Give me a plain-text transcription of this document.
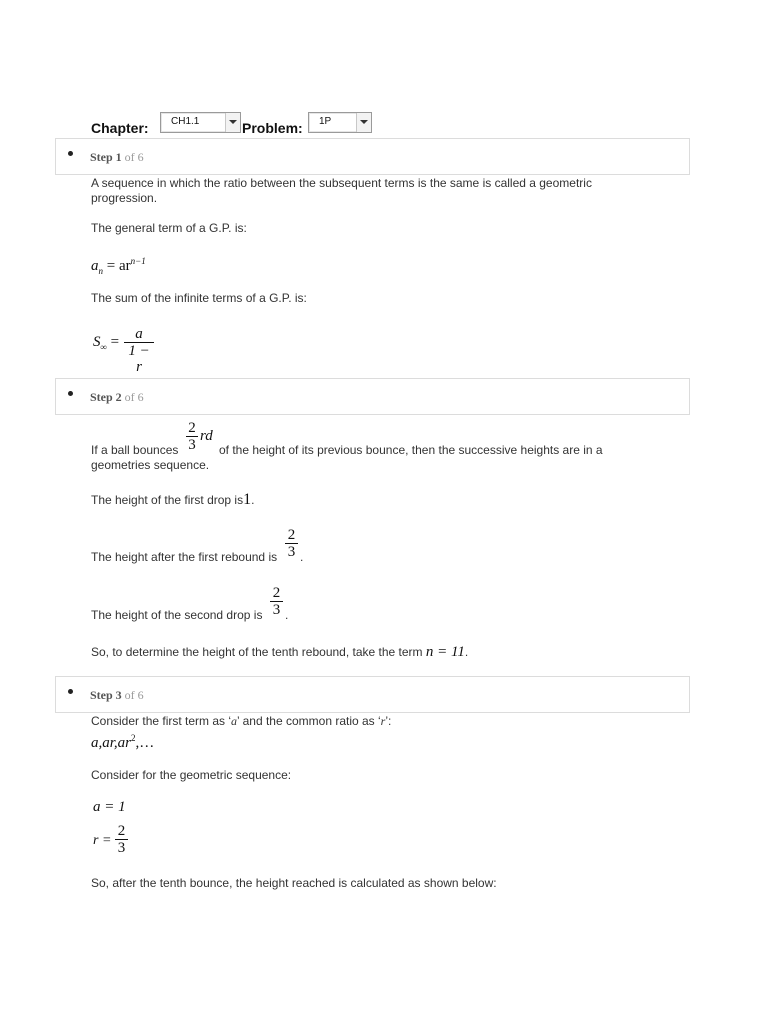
Chapter: CH1.1	Problem: 1P
Step 1 of 6
A sequence in which the ratio between the subsequent terms is the same is called a geometric progression.
The general term of a G.P. is:
$a_n = ar^{n-1}$
The sum of the infinite terms of a G.P. is:
$S_\infty = \frac{a}{1 - r}$
Step 2 of 6
If a ball bounces $\frac{2}{3}$ rd
of the height of its previous bounce, then the successive heights are in a
geometries sequence.
The height of the first drop is1.
The height after the first rebound is $\frac{2}{3}$ .
The height of the second drop is $\frac{2}{3}$ .
So, to determine the height of the tenth rebound, take the term n = 11.
Step 3 of 6
Consider the first term as ‘a’ and the common ratio as ‘r’:
$a,ar,ar^2,\dots$
Consider for the geometric sequence:
a = 1
$r = \frac{2}{3}$
So, after the tenth bounce, the height reached is calculated as shown below:
